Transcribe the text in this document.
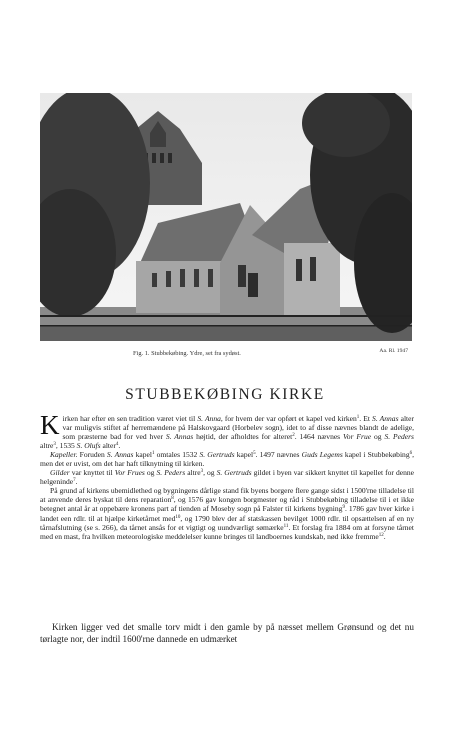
Fig. 1. Stubbekøbing. Ydre, set fra sydøst.	Aa. Rl. 1947
STUBBEKØBING KIRKE

Kirken har efter en sen tradition været viet til S. Anna, for hvem der var opført et kapel ved kirken$^1$. Et S. Annas alter var muligvis stiftet af herremændene på Halskovgaard (Horbelev sogn), idet to af disse nævnes blandt de adelige, som præsterne bad for ved hver S. Annas højtid, der afholdtes for alteret$^2$. 1464 nævnes Vor Frue og S. Peders altre$^3$, 1535 S. Olufs alter$^4$.

Kapeller. Foruden S. Annas kapel$^1$ omtales 1532 S. Gertruds kapel$^5$. 1497 nævnes Guds Legems kapel i Stubbekøbing$^6$, men det er uvist, om det har haft tilknytning til kirken.

Gilder var knyttet til Vor Frues og S. Peders altre$^3$, og S. Gertruds gildet i byen var sikkert knyttet til kapellet for denne helgeninde$^7$.

På grund af kirkens ubemidlethed og bygningens dårlige stand fik byens borgere flere gange sidst i 1500'rne tilladelse til at anvende deres byskat til dens reparation$^8$, og 1576 gav kongen borgmester og råd i Stubbekøbing tilladelse til i et ikke betegnet antal år at oppebære kronens part af tienden af Moseby sogn på Falster til kirkens bygning$^9$. 1786 gav hver kirke i landet een rdlr. til at hjælpe kirketårnet med$^{10}$, og 1790 blev der af statskassen bevilget 1000 rdlr. til opsættelsen af en ny tårnafslutning (se s. 266), da tårnet ansås for et vigtigt og uundværligt sømærke$^{11}$. Et forslag fra 1884 om at forsyne tårnet med en mast, fra hvilken meteorologiske meddelelser kunne bringes til landboernes kundskab, nød ikke fremme$^{12}$.

Kirken ligger ved det smalle torv midt i den gamle by på næsset mellem Grønsund og det nu tørlagte nor, der indtil 1600'rne dannede en udmærket
